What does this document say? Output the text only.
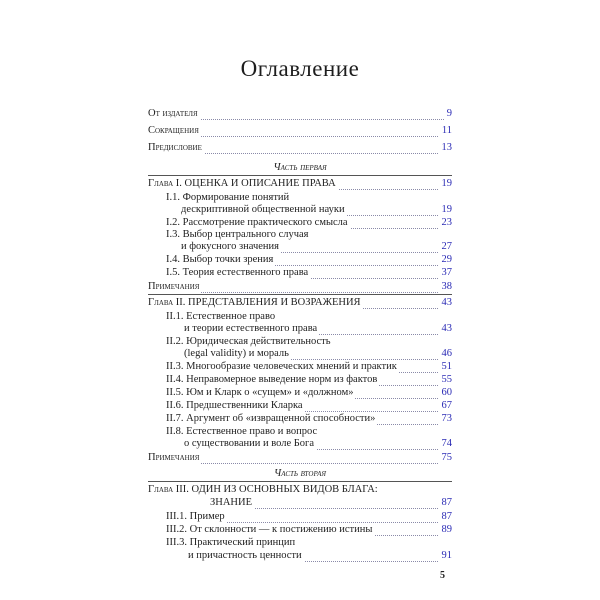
Оглавление
От издателя	9
Сокращения	11
Предисловие	13
Часть первая
Глава I. ОЦЕНКА И ОПИСАНИЕ ПРАВА	19
I.1. Формирование понятий
дескриптивной общественной науки	19
I.2. Рассмотрение практического смысла	23
I.3. Выбор центрального случая
и фокусного значения	27
I.4. Выбор точки зрения	29
I.5. Теория естественного права	37
Примечания	38
Глава II. ПРЕДСТАВЛЕНИЯ И ВОЗРАЖЕНИЯ	43
II.1. Естественное право
и теории естественного права	43
II.2. Юридическая действительность
(legal validity) и мораль	46
II.3. Многообразие человеческих мнений и практик	51
II.4. Неправомерное выведение норм из фактов	55
II.5. Юм и Кларк о «сущем» и «должном»	60
II.6. Предшественники Кларка	67
II.7. Аргумент об «извращенной способности»	73
II.8. Естественное право и вопрос
о существовании и воле Бога	74
Примечания	75
Часть вторая
Глава III. ОДИН ИЗ ОСНОВНЫХ ВИДОВ БЛАГА:
ЗНАНИЕ	87
III.1. Пример	87
III.2. От склонности — к постижению истины	89
III.3. Практический принцип
и причастность ценности	91
5
